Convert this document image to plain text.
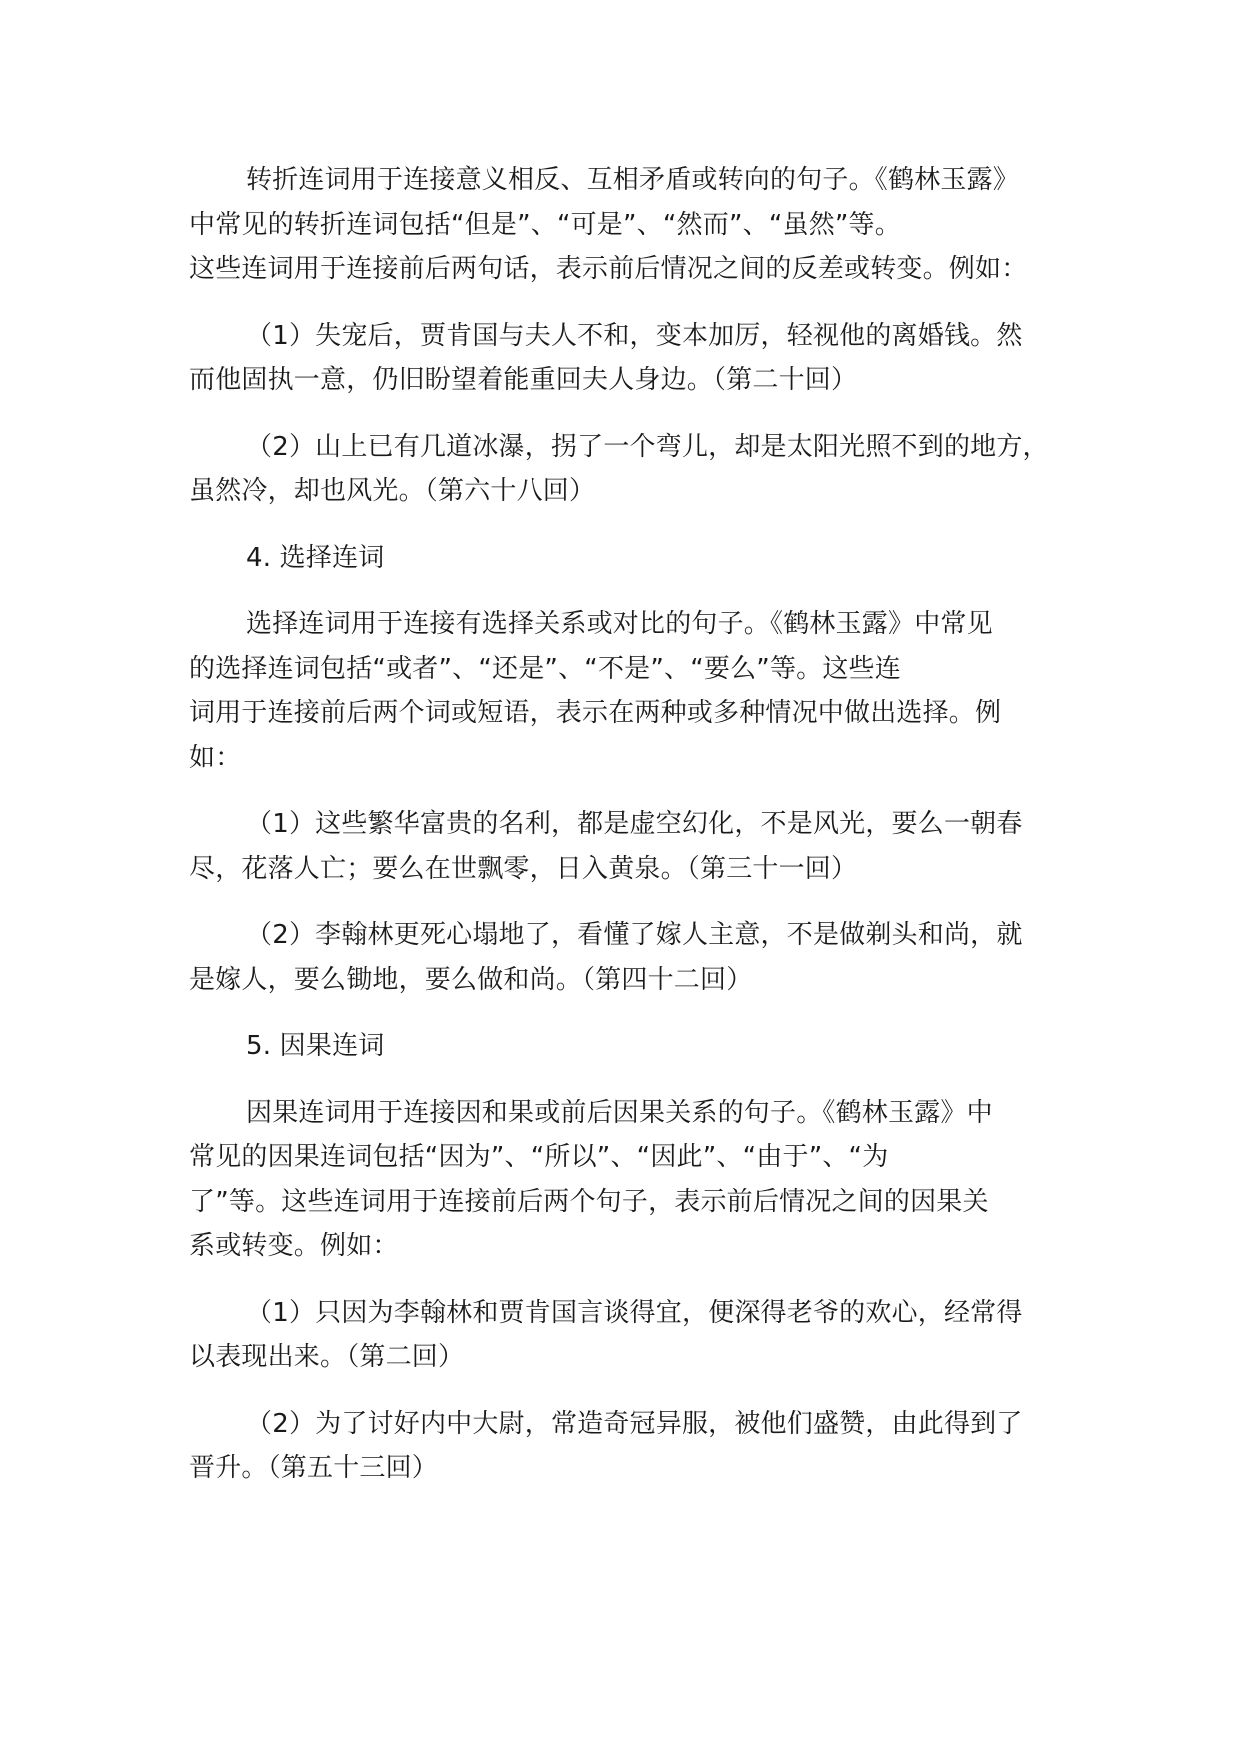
转折连词用于连接意义相反、互相矛盾或转向的句子。《鹤林玉露》
中常见的转折连词包括“但是”、“可是”、“然而”、“虽然”等。
这些连词用于连接前后两句话，表示前后情况之间的反差或转变。例如：
（1）失宠后，贾肯国与夫人不和，变本加厉，轻视他的离婚钱。然
而他固执一意，仍旧盼望着能重回夫人身边。（第二十回）
（2）山上已有几道冰瀑，拐了一个弯儿，却是太阳光照不到的地方，
虽然冷，却也风光。（第六十八回）
4. 选择连词
选择连词用于连接有选择关系或对比的句子。《鹤林玉露》中常见
的选择连词包括“或者”、“还是”、“不是”、“要么”等。这些连
词用于连接前后两个词或短语，表示在两种或多种情况中做出选择。例
如：
（1）这些繁华富贵的名利，都是虚空幻化，不是风光，要么一朝春
尽，花落人亡；要么在世飘零，日入黄泉。（第三十一回）
（2）李翰林更死心塌地了，看懂了嫁人主意，不是做剃头和尚，就
是嫁人，要么锄地，要么做和尚。（第四十二回）
5. 因果连词
因果连词用于连接因和果或前后因果关系的句子。《鹤林玉露》中
常见的因果连词包括“因为”、“所以”、“因此”、“由于”、“为
了”等。这些连词用于连接前后两个句子，表示前后情况之间的因果关
系或转变。例如：
（1）只因为李翰林和贾肯国言谈得宜，便深得老爷的欢心，经常得
以表现出来。（第二回）
（2）为了讨好内中大尉，常造奇冠异服，被他们盛赞，由此得到了
晋升。（第五十三回）
